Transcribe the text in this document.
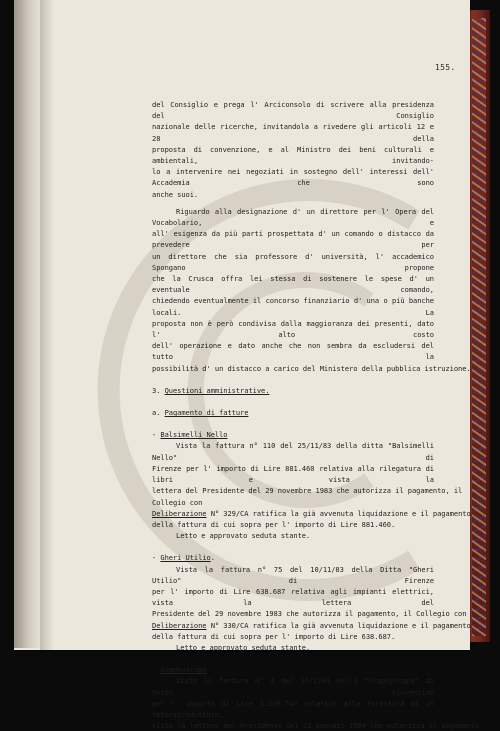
155.
del Consiglio e prega l' Arciconsolo di scrivere alla presidenza del Consiglio
nazionale delle ricerche, invitandola a rivedere gli articoli 12 e 28 della
proposta di convenzione, e al Ministro dei beni culturali e ambientali, invitando-
lo a intervenire nei negoziati in sostegno dell' interessi dell' Accademia che sono
anche suoi.
Riguardo alla designazione d' un direttore per l' Opera del Vocabolario, e
all' esigenza da più parti prospettata d' un comando o distacco da prevedere per
un direttore che sia professore d' università, l' accademico Spongano propone
che la Crusca offra lei stessa di sostenere le spese d' un eventuale comando,
chiedendo eventualmente il concorso finanziario d' una o più banche locali. La
proposta non è però condivisa dalla maggioranza dei presenti, dato l' alto costo
dell' operazione e dato anche che non sembra da escludersi del tutto la
possibilità d' un distacco a carico del Ministero della pubblica istruzione.
3. Questioni amministrative.
a. Pagamento di fatture
- Balsimelli Nello
Vista la fattura n° 110 del 25/11/83 della ditta "Balsimelli Nello" di
Firenze per l' importo di Lire 881.460 relativa alla rilegatura di libri e vista la
lettera del Presidente del 29 novembre 1983 che autorizza il pagamento, il
Collegio con
Deliberazione N° 329/CA ratifica la già avvenuta liquidazione e il pagamento
della fattura di cui sopra per l' importo di Lire 881.460.
Letto e approvato seduta stante.
- Gheri Utilio.
Vista la fattura n° 75 del 10/11/83 della Ditta "Gheri Utilio" di Firenze
per l' importo di Lire 638.687 relativa agli impianti elettrici, vista la lettera del
Presidente del 29 novembre 1983 che autorizza il pagamento, il Collegio con
Deliberazione N° 330/CA ratifica la già avvenuta liquidazione e il pagamento
della fattura di cui sopra per l' importo di Lire 638.687.
Letto e approvato seduta stante.
- Graphyscopy
Vista la fattura N° 4 del 10/1/84 della "Graphyscopy" di Sesto Fiorentino
per l' importo di Lire 3.236.740 relativa alla fornitura di un fotoriproduttore,
vista la lettera del Presidente del 23 gennaio 1984 che autorizza il pagamento,
